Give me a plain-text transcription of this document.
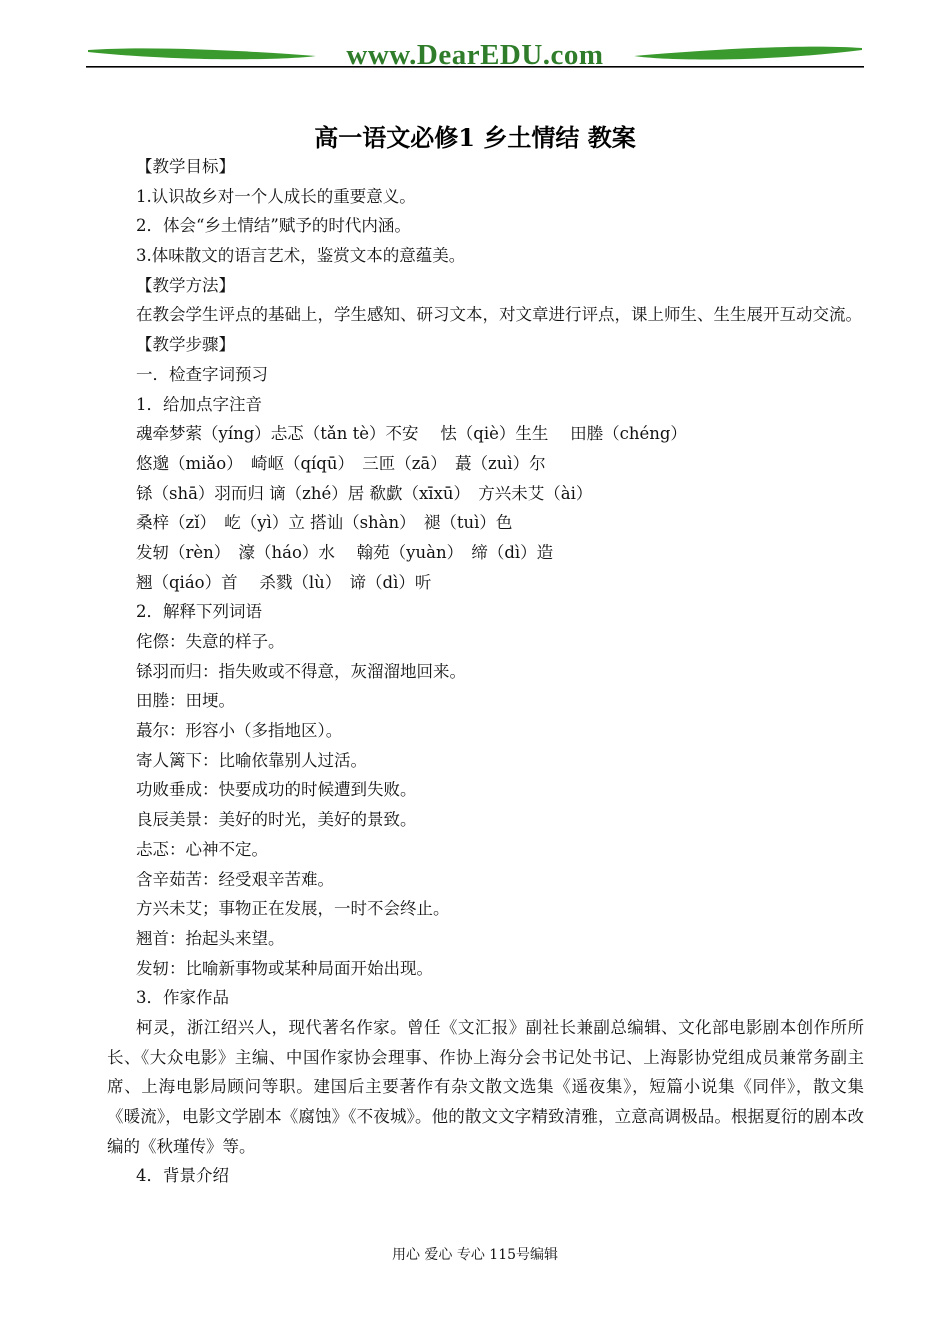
www.DearEDU.com
高一语文必修1 乡土情结 教案
【教学目标】
1.认识故乡对一个人成长的重要意义。
2．体会“乡土情结”赋予的时代内涵。
3.体味散文的语言艺术，鉴赏文本的意蕴美。
【教学方法】

在教会学生评点的基础上，学生感知、研习文本，对文章进行评点，课上师生、生生展开互动交流。

【教学步骤】
一．检查字词预习
1．给加点字注音
魂牵梦萦（yíng）忐忑（tǎn tè）不安　 怯（qiè）生生　 田塍（chéng）
悠邈（miǎo）　崎岖（qíqū）　三匝（zā）　蕞（zuì）尔
铩（shā）羽而归 谪（zhé）居 欷歔（xīxū）　方兴未艾（ài）
桑梓（zǐ）　屹（yì）立 搭讪（shàn）　褪（tuì）色
发轫（rèn）　濠（háo）水　 翰苑（yuàn）　缔（dì）造
翘（qiáo）首　 杀戮（lù）　谛（dì）听
2．解释下列词语
侘傺：失意的样子。
铩羽而归：指失败或不得意，灰溜溜地回来。
田塍：田埂。
蕞尔：形容小（多指地区）。
寄人篱下：比喻依靠别人过活。
功败垂成：快要成功的时候遭到失败。
良辰美景：美好的时光，美好的景致。
忐忑：心神不定。
含辛茹苦：经受艰辛苦难。
方兴未艾；事物正在发展，一时不会终止。
翘首：抬起头来望。
发轫：比喻新事物或某种局面开始出现。
3．作家作品

柯灵，浙江绍兴人，现代著名作家。曾任《文汇报》副社长兼副总编辑、文化部电影剧本创作所所长、《大众电影》主编、中国作家协会理事、作协上海分会书记处书记、上海影协党组成员兼常务副主席、上海电影局顾问等职。建国后主要著作有杂文散文选集《遥夜集》，短篇小说集《同伴》，散文集《暖流》，电影文学剧本《腐蚀》《不夜城》。他的散文文字精致清雅，立意高调极品。根据夏衍的剧本改编的《秋瑾传》等。

4．背景介绍
用心 爱心 专心 115号编辑
